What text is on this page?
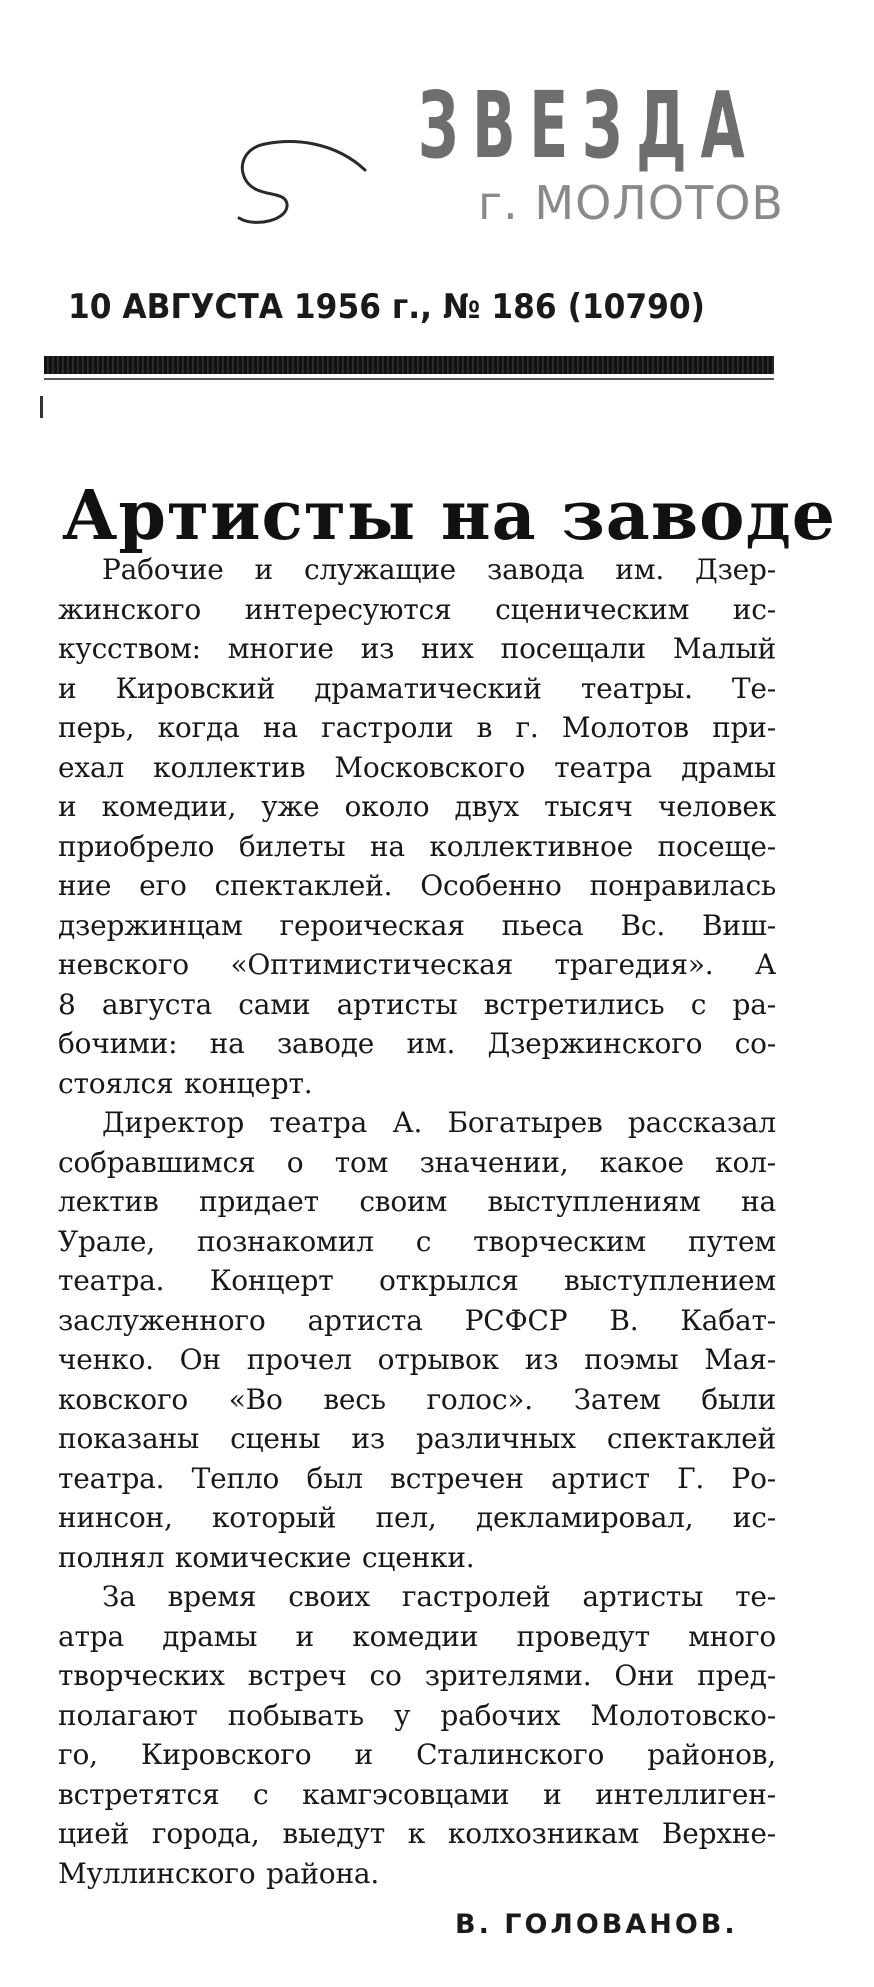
ЗВЕЗДА
г. МОЛОТОВ
10 АВГУСТА 1956 г., № 186 (10790)
Артисты на заводе

Рабочие и служащие завода им. Дзер-
жинского интересуются сценическим ис-
кусством: многие из них посещали Малый
и Кировский драматический театры. Те-
перь, когда на гастроли в г. Молотов при-
ехал коллектив Московского театра драмы
и комедии, уже около двух тысяч человек
приобрело билеты на коллективное посеще-
ние его спектаклей. Особенно понравилась
дзержинцам героическая пьеса Вс. Виш-
невского «Оптимистическая трагедия». А
8 августа сами артисты встретились с ра-
бочими: на заводе им. Дзержинского со-
стоялся концерт.

Директор театра А. Богатырев рассказал
собравшимся о том значении, какое кол-
лектив придает своим выступлениям на
Урале, познакомил с творческим путем
театра. Концерт открылся выступлением
заслуженного артиста РСФСР В. Кабат-
ченко. Он прочел отрывок из поэмы Мая-
ковского «Во весь голос». Затем были
показаны сцены из различных спектаклей
театра. Тепло был встречен артист Г. Ро-
нинсон, который пел, декламировал, ис-
полнял комические сценки.

За время своих гастролей артисты те-
атра драмы и комедии проведут много
творческих встреч со зрителями. Они пред-
полагают побывать у рабочих Молотовско-
го, Кировского и Сталинского районов,
встретятся с камгэсовцами и интеллиген-
цией города, выедут к колхозникам Верхне-
Муллинского района.

В. ГОЛОВАНОВ.
